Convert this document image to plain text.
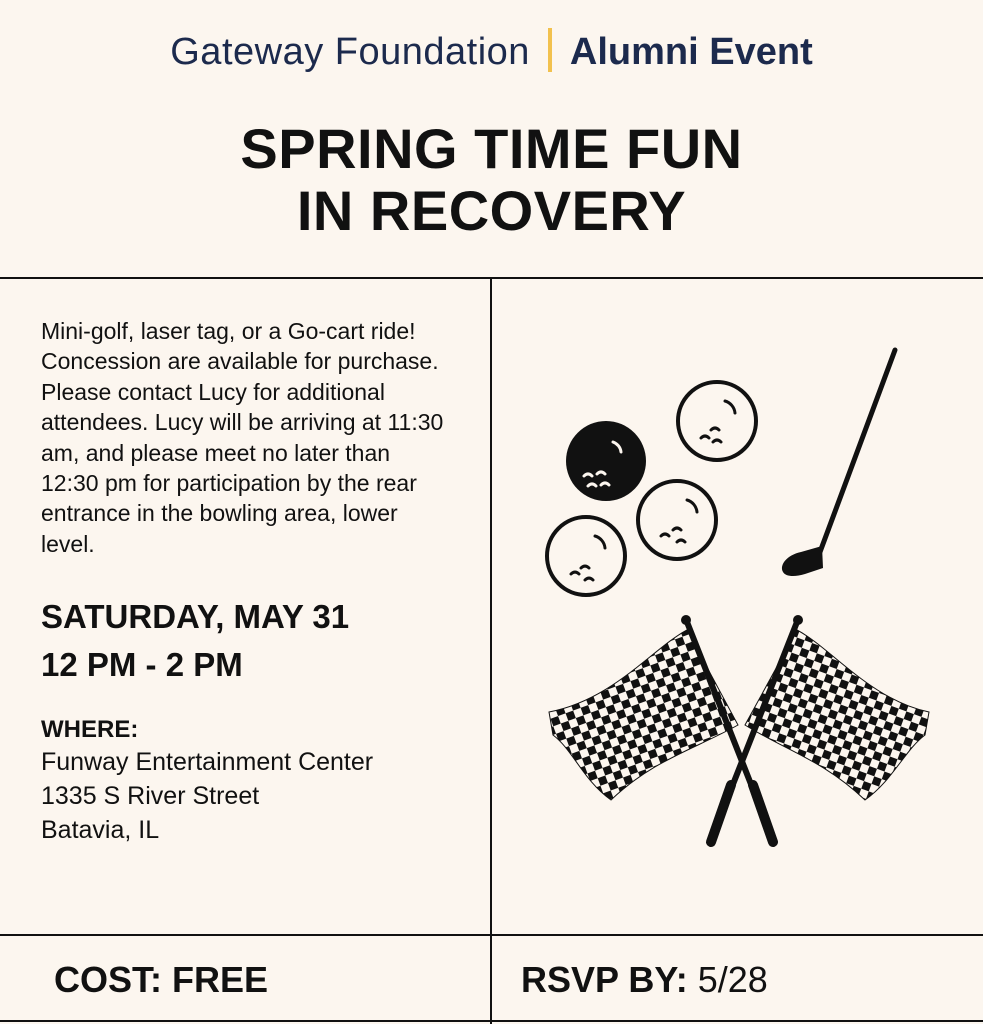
Gateway Foundation Alumni Event
SPRING TIME FUN
IN RECOVERY

Mini-golf, laser tag, or a Go-cart ride! Concession are available for purchase. Please contact Lucy for additional attendees. Lucy will be arriving at 11:30 am, and please meet no later than 12:30 pm for participation by the rear entrance in the bowling area, lower level.

SATURDAY, MAY 31
12 PM - 2 PM
WHERE:
Funway Entertainment Center
1335 S River Street
Batavia, IL
COST: FREE	RSVP BY: 5/28
